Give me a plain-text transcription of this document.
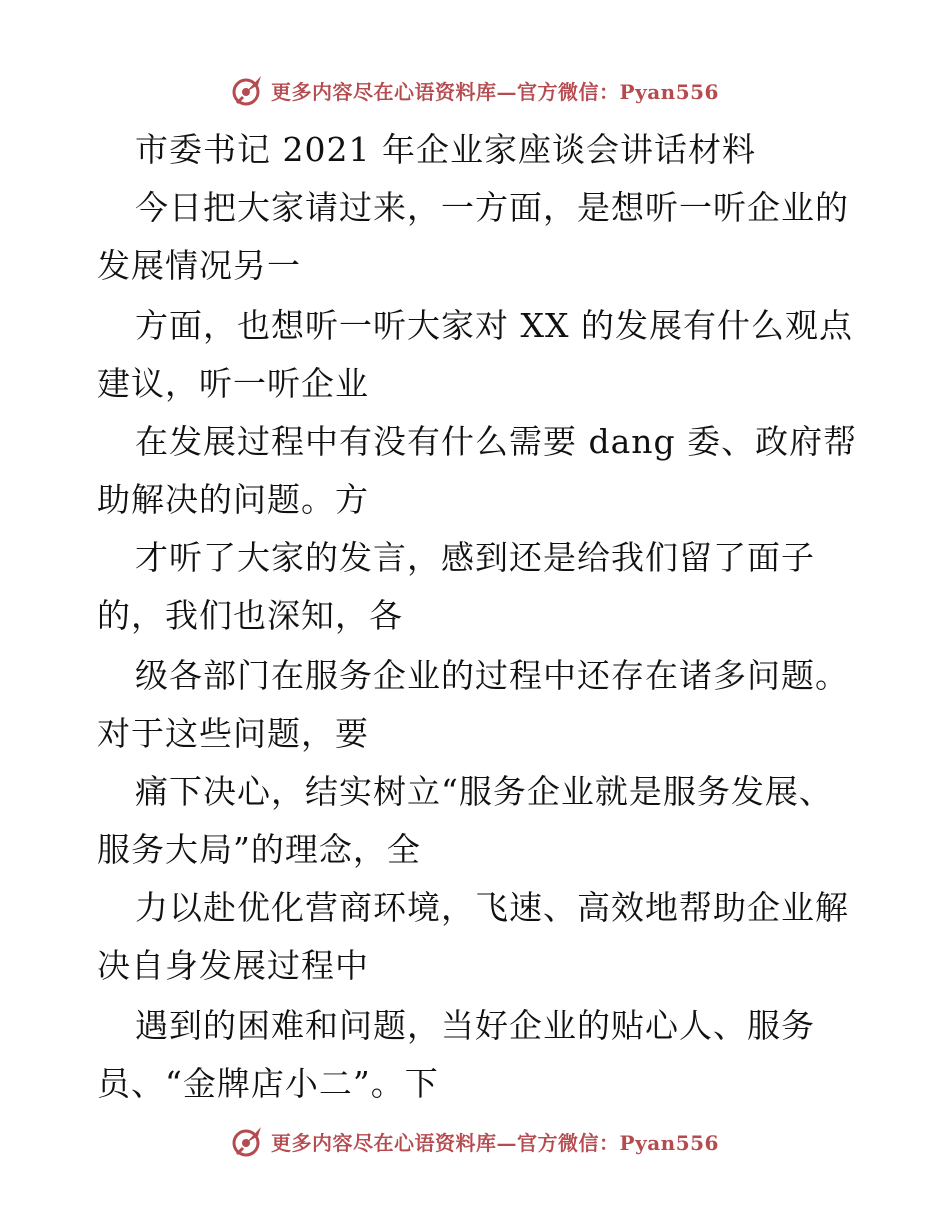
更多内容尽在心语资料库—官方微信：Pyan556
市委书记 2021 年企业家座谈会讲话材料
今日把大家请过来，一方面，是想听一听企业的
发展情况另一
方面，也想听一听大家对 XX 的发展有什么观点
建议，听一听企业
在发展过程中有没有什么需要 dang 委、政府帮
助解决的问题。方
才听了大家的发言，感到还是给我们留了面子
的，我们也深知，各
级各部门在服务企业的过程中还存在诸多问题。
对于这些问题，要
痛下决心，结实树立“服务企业就是服务发展、
服务大局”的理念，全
力以赴优化营商环境，飞速、高效地帮助企业解
决自身发展过程中
遇到的困难和问题，当好企业的贴心人、服务
员、“金牌店小二”。下
更多内容尽在心语资料库—官方微信：Pyan556
